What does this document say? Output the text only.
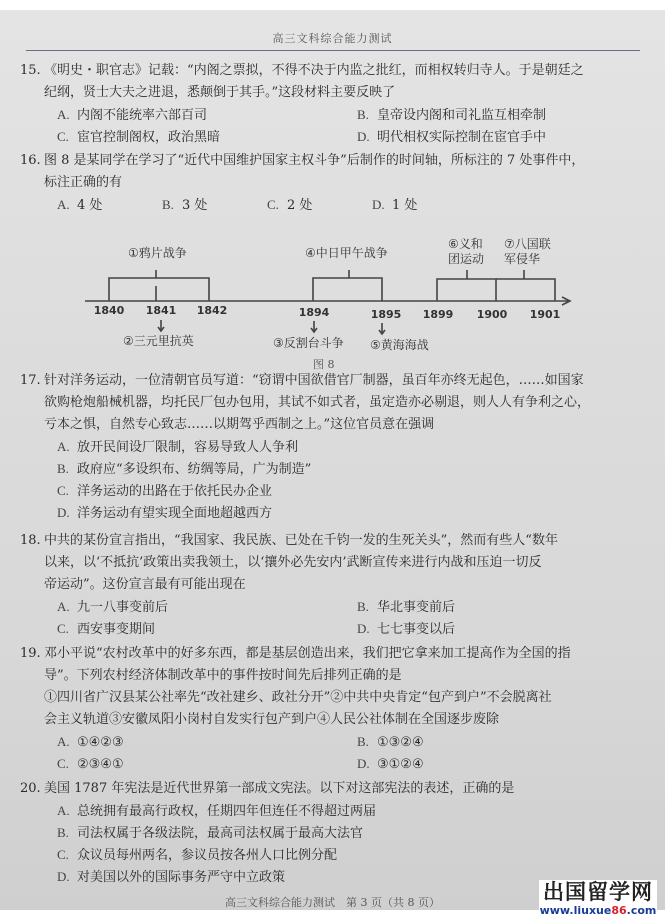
高三文科综合能力测试
15. 《明史・职官志》记载：“内阁之票拟，不得不决于内监之批红，而相权转归寺人。于是朝廷之
纪纲，贤士大夫之进退，悉颠倒于其手。”这段材料主要反映了
A. 内阁不能统率六部百司	B. 皇帝设内阁和司礼监互相牵制
C. 宦官控制阁权，政治黑暗	D. 明代相权实际控制在宦官手中
16. 图 8 是某同学在学习了“近代中国维护国家主权斗争”后制作的时间轴，所标注的 7 处事件中，
标注正确的有
A. 4 处	B. 3 处	C. 2 处	D. 1 处
①鸦片战争	④中日甲午战争
⑥义和
团运动
⑦八国联
军侵华
1840 1841 1842	1894	1895 1899 1900 1901
②三元里抗英	③反割台斗争 ⑤黄海海战
图 8
17. 针对洋务运动，一位清朝官员写道：“窃谓中国欲借官厂制器，虽百年亦终无起色，……如国家
欲购枪炮船械机器，均托民厂包办包用，其试不如式者，虽定造亦必剔退，则人人有争利之心，
亏本之惧，自然专心致志……以期驾乎西制之上。”这位官员意在强调
A. 放开民间设厂限制，容易导致人人争利
B. 政府应“多设织布、纺绸等局，广为制造”
C. 洋务运动的出路在于依托民办企业
D. 洋务运动有望实现全面地超越西方
18. 中共的某份宣言指出，“我国家、我民族、已处在千钧一发的生死关头”，然而有些人“数年
以来，以‘不抵抗’政策出卖我领土，以‘攘外必先安内’武断宣传来进行内战和压迫一切反
帝运动”。这份宣言最有可能出现在
A. 九一八事变前后	B. 华北事变前后
C. 西安事变期间	D. 七七事变以后
19. 邓小平说“农村改革中的好多东西，都是基层创造出来，我们把它拿来加工提高作为全国的指
导”。下列农村经济体制改革中的事件按时间先后排列正确的是
①四川省广汉县某公社率先“改社建乡、政社分开”②中共中央肯定“包产到户”不会脱离社
会主义轨道③安徽凤阳小岗村自发实行包产到户④人民公社体制在全国逐步废除
A. ①④②③	B. ①③②④
C. ②③④①	D. ③①②④
20. 美国 1787 年宪法是近代世界第一部成文宪法。以下对这部宪法的表述，正确的是
A. 总统拥有最高行政权，任期四年但连任不得超过两届
B. 司法权属于各级法院，最高司法权属于最高大法官
C. 众议员每州两名，参议员按各州人口比例分配
D. 对美国以外的国际事务严守中立政策
高三文科综合能力测试　第 3 页（共 8 页）	出国留学网
www.liuxue86.com
